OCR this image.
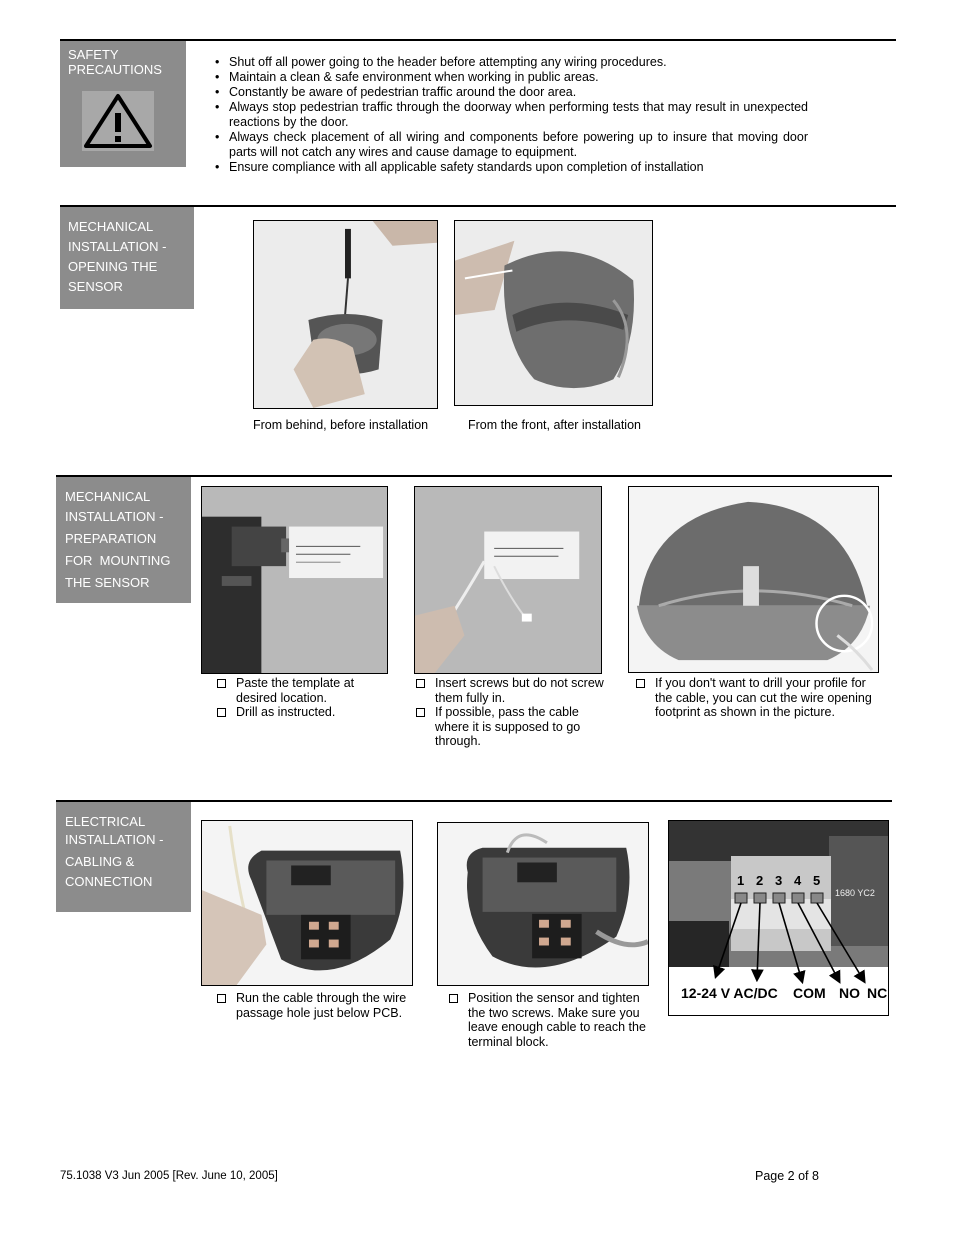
SAFETY
PRECAUTIONS
•	Shut off all power going to the header before attempting any wiring procedures.
• Maintain a clean & safe environment when working in public areas.
• Constantly be aware of pedestrian traffic around the door area.
• Always stop pedestrian traffic through the doorway when performing tests that may result in unexpected reactions by the door.
• Always check placement of all wiring and components before powering up to insure that moving door parts will not catch any wires and cause damage to equipment.
• Ensure compliance with all applicable safety standards upon completion of installation
MECHANICAL
INSTALLATION -
OPENING THE
SENSOR
From behind, before installation	From the front, after installation
MECHANICAL
INSTALLATION -
PREPARATION
FOR  MOUNTING
THE SENSOR
Paste the template at desired location.
Drill as instructed.
Insert screws but do not screw them fully in.
If possible, pass the cable where it is supposed to go through.
If you don't want to drill your profile for the cable, you can cut the wire opening footprint as shown in the picture.
ELECTRICAL
INSTALLATION -
CABLING &
CONNECTION	1 2 3 4 5
1680 YC2
12-24 V AC/DC COM NO NC
Run the cable through the wire passage hole just below PCB.
Position the sensor and tighten the two screws. Make sure you leave enough cable to reach the terminal block.
75.1038 V3 Jun 2005 [Rev. June 10, 2005]	Page 2 of 8
